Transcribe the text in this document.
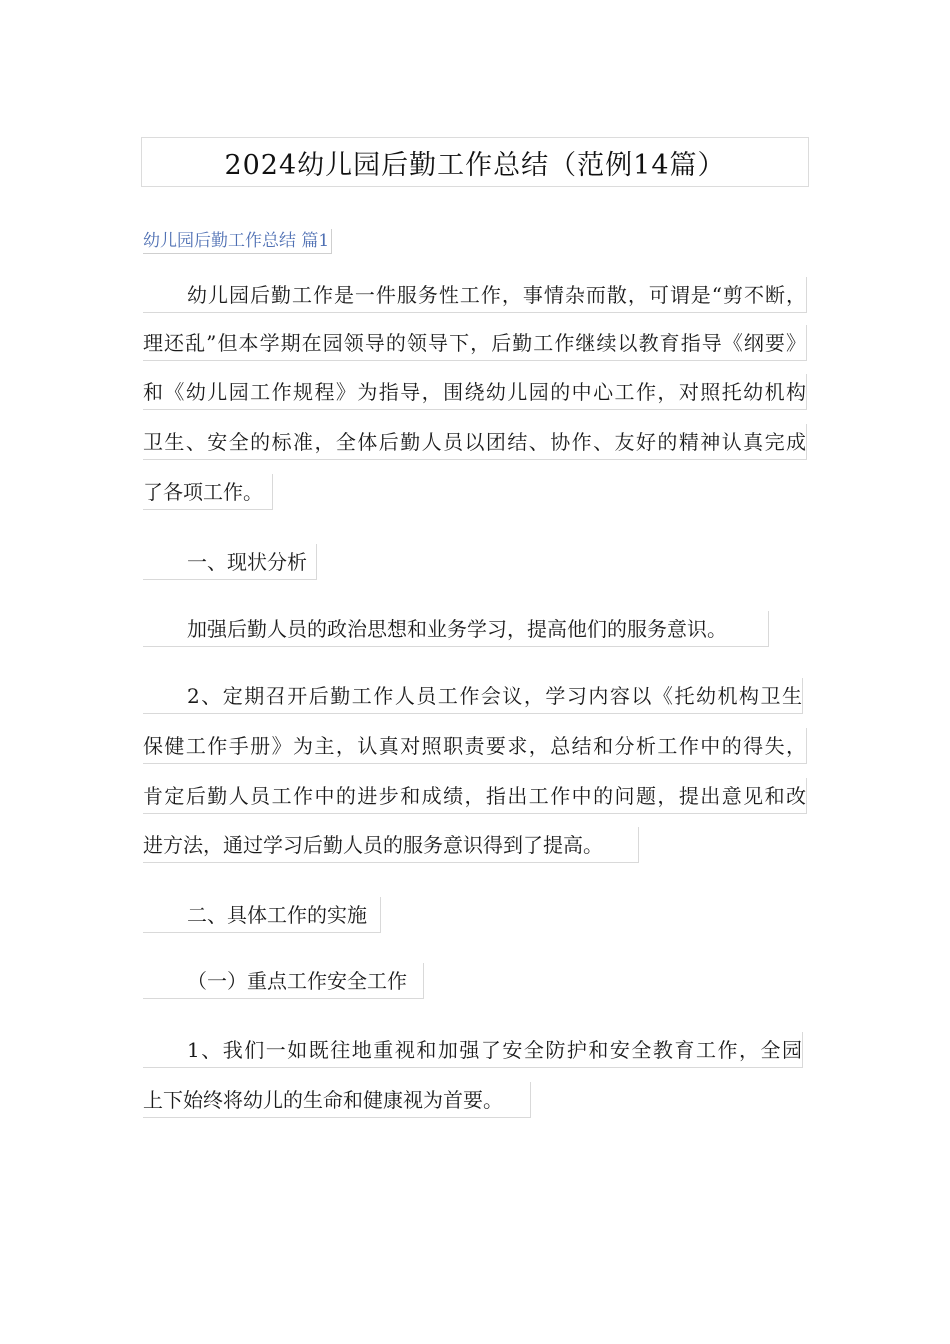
2024幼儿园后勤工作总结（范例14篇）
幼儿园后勤工作总结 篇1
幼儿园后勤工作是一件服务性工作，事情杂而散，可谓是“剪不断，
理还乱”但本学期在园领导的领导下，后勤工作继续以教育指导《纲要》
和《幼儿园工作规程》为指导，围绕幼儿园的中心工作，对照托幼机构
卫生、安全的标准，全体后勤人员以团结、协作、友好的精神认真完成
了各项工作。
一、现状分析
加强后勤人员的政治思想和业务学习，提高他们的服务意识。
2、定期召开后勤工作人员工作会议，学习内容以《托幼机构卫生
保健工作手册》为主，认真对照职责要求，总结和分析工作中的得失，
肯定后勤人员工作中的进步和成绩，指出工作中的问题，提出意见和改
进方法，通过学习后勤人员的服务意识得到了提高。
二、具体工作的实施
（一）重点工作安全工作
1、我们一如既往地重视和加强了安全防护和安全教育工作，全园
上下始终将幼儿的生命和健康视为首要。
